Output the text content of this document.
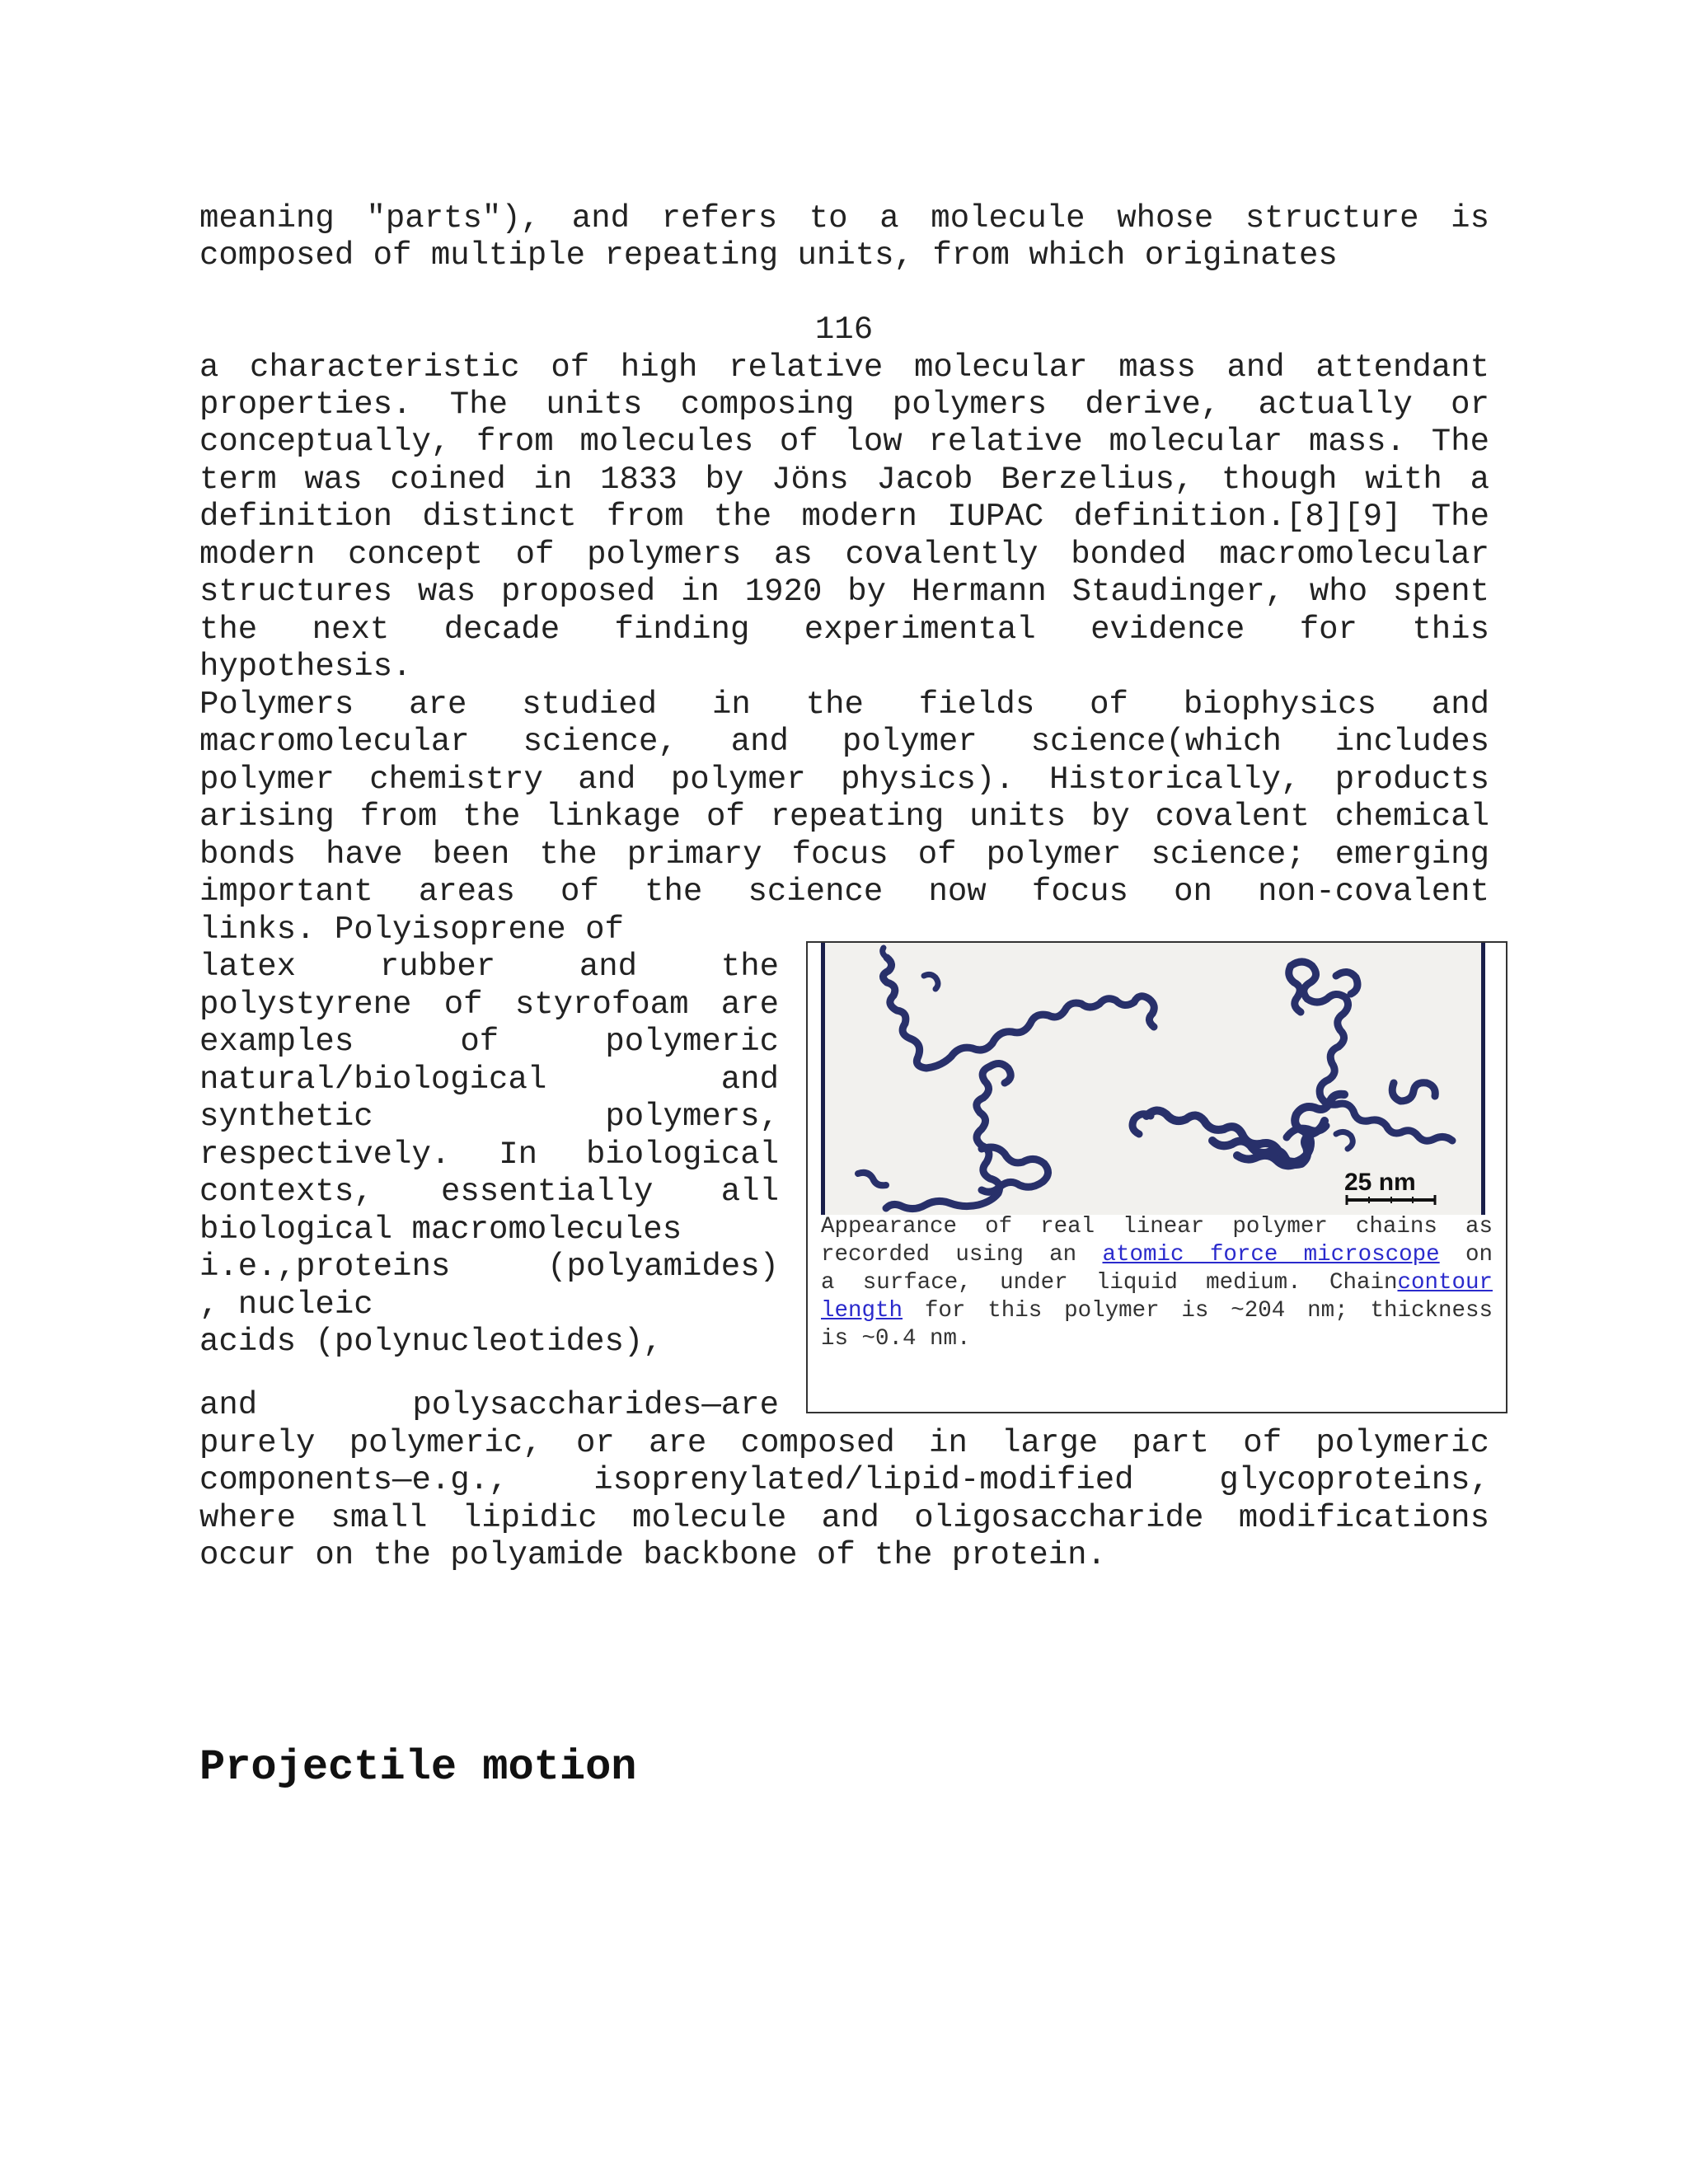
meaning "parts"), and refers to a molecule whose structure is
composed of multiple repeating units, from which originates
116
a characteristic of high relative molecular mass and attendant
properties. The units composing polymers derive, actually or
conceptually, from molecules of low relative molecular mass. The
term was coined in 1833 by Jöns Jacob Berzelius, though with a
definition distinct from the modern IUPAC definition.[8][9] The
modern concept of polymers as covalently bonded macromolecular
structures was proposed in 1920 by Hermann Staudinger, who spent
the next decade finding experimental evidence for this
hypothesis.
Polymers are studied in the fields of biophysics and
macromolecular science, and polymer science(which includes
polymer chemistry and polymer physics). Historically, products
arising from the linkage of repeating units by covalent chemical
bonds have been the primary focus of polymer science; emerging
important areas of the science now focus on non-covalent
links. Polyisoprene of
latex rubber and the
polystyrene of styrofoam are
examples of polymeric
natural/biological and
synthetic polymers,
respectively. In biological
contexts, essentially all
biological macromolecules
i.e.,proteins (polyamides)
, nucleic
acids (polynucleotides),
and polysaccharides—are
purely polymeric, or are composed in large part of polymeric
components—e.g., isoprenylated/lipid-modified glycoproteins,
where small lipidic molecule and oligosaccharide modifications
occur on the polyamide backbone of the protein.
25 nm
Appearance of real linear polymer chains as
recorded using an atomic force microscope on
a surface, under liquid medium. Chaincontour
length for this polymer is ~204 nm; thickness
is ~0.4 nm.
Projectile motion
